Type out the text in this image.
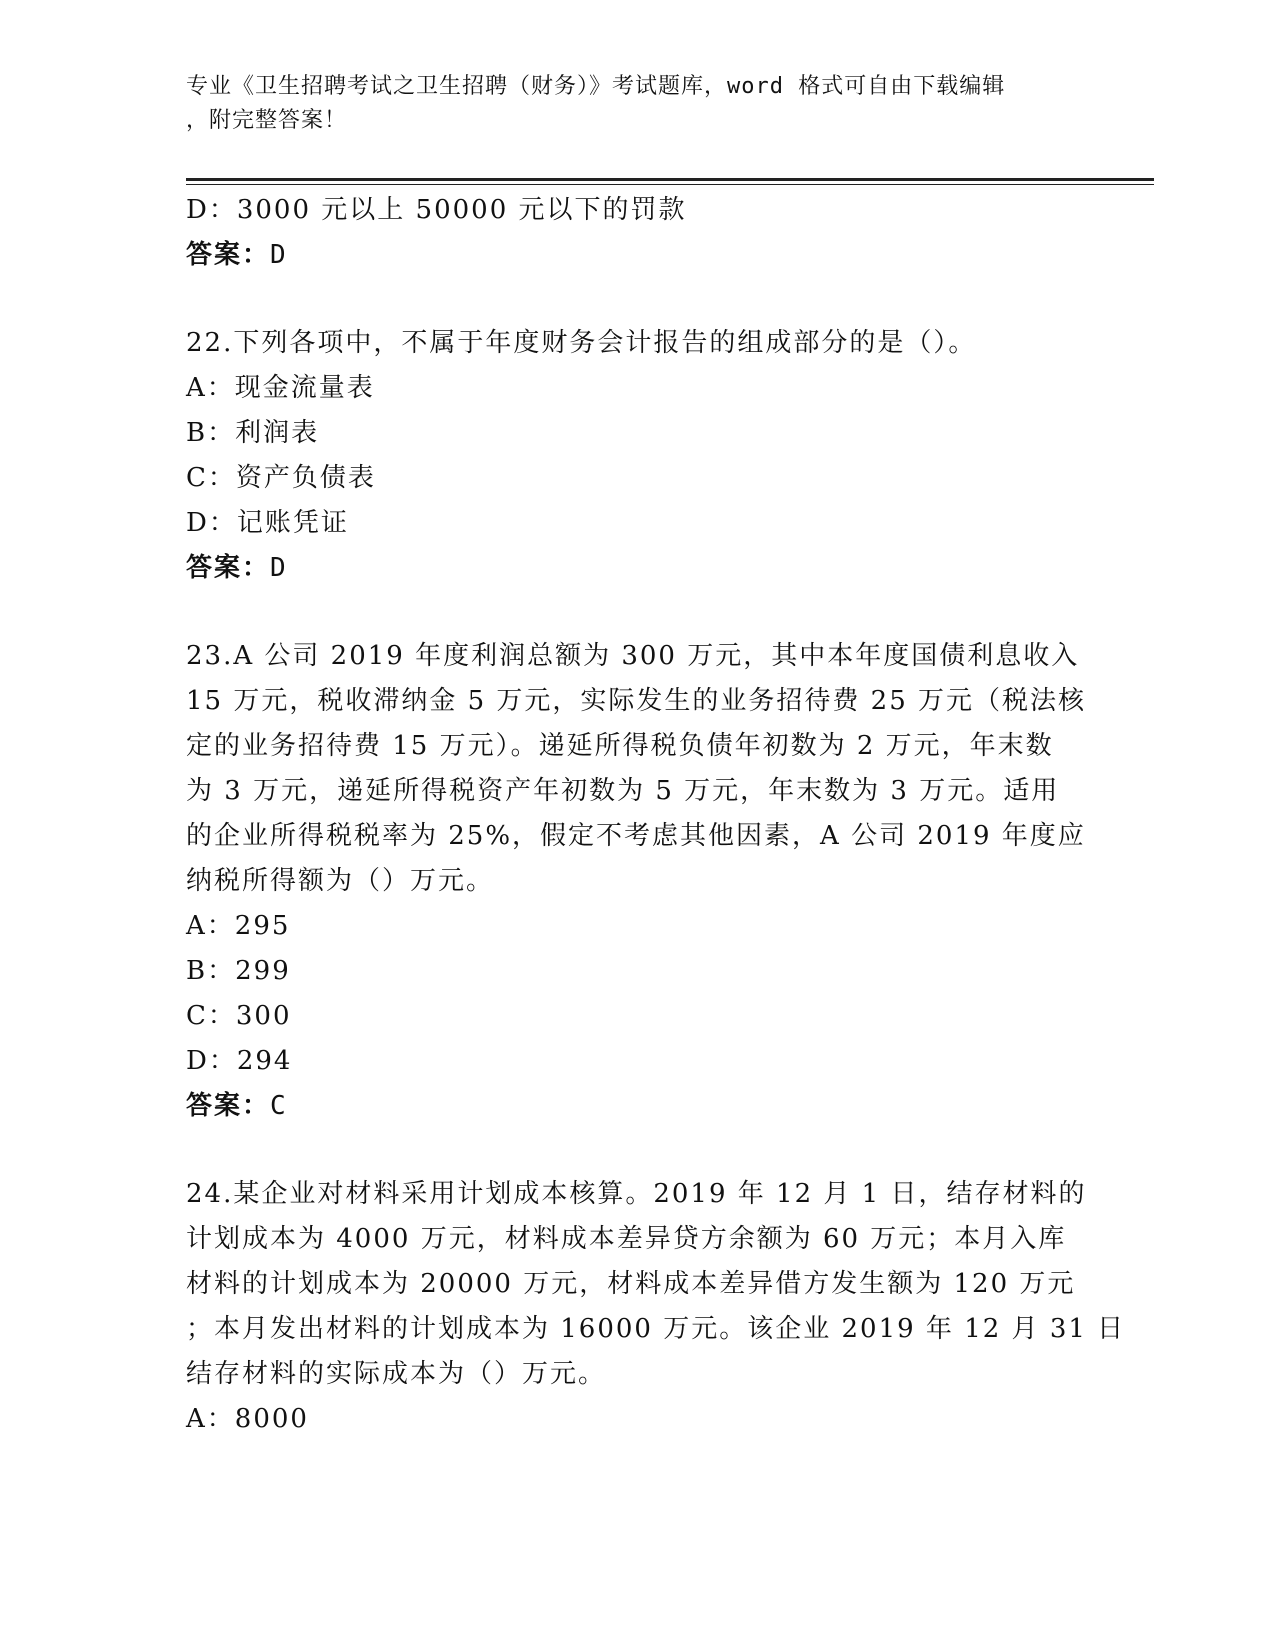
专业《卫生招聘考试之卫生招聘（财务）》考试题库，word 格式可自由下载编辑
，附完整答案！
D：3000 元以上 50000 元以下的罚款
答案：D
22.下列各项中，不属于年度财务会计报告的组成部分的是（）。
A：现金流量表
B：利润表
C：资产负债表
D：记账凭证
答案：D
23.A 公司 2019 年度利润总额为 300 万元，其中本年度国债利息收入
15 万元，税收滞纳金 5 万元，实际发生的业务招待费 25 万元（税法核
定的业务招待费 15 万元）。递延所得税负债年初数为 2 万元，年末数
为 3 万元，递延所得税资产年初数为 5 万元，年末数为 3 万元。适用
的企业所得税税率为 25%，假定不考虑其他因素，A 公司 2019 年度应
纳税所得额为（）万元。
A：295
B：299
C：300
D：294
答案：C
24.某企业对材料采用计划成本核算。2019 年 12 月 1 日，结存材料的
计划成本为 4000 万元，材料成本差异贷方余额为 60 万元；本月入库
材料的计划成本为 20000 万元，材料成本差异借方发生额为 120 万元
；本月发出材料的计划成本为 16000 万元。该企业 2019 年 12 月 31 日
结存材料的实际成本为（）万元。
A：8000
